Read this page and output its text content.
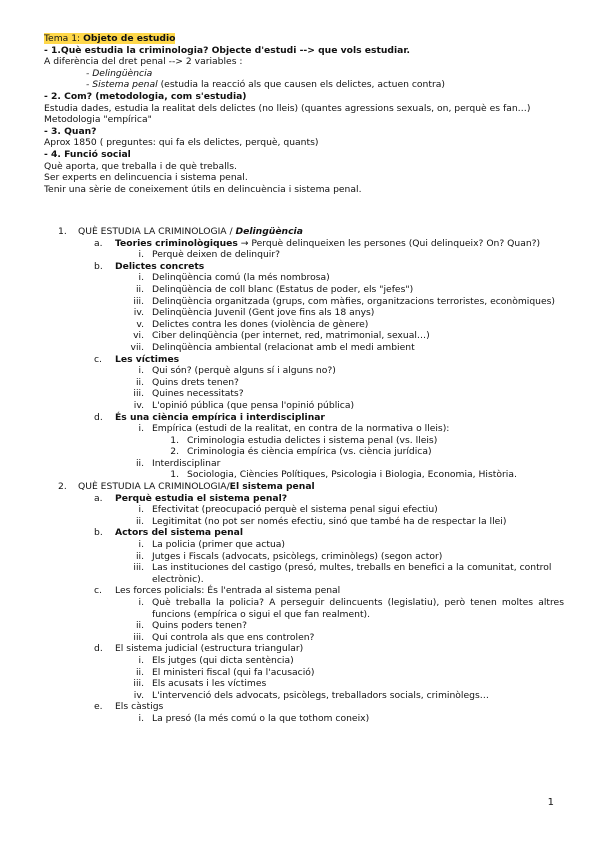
Tema 1: Objeto de estudio
- 1.Què estudia la criminologia? Objecte d'estudi --> que vols estudiar.
A diferència del dret penal --> 2 variables :
- Delingüència
- Sistema penal (estudia la reacció als que causen els delictes, actuen contra)
- 2. Com? (metodologia, com s'estudia)
Estudia dades, estudia la realitat dels delictes (no lleis) (quantes agressions sexuals, on, perquè es fan…)
Metodologia "empírica"
- 3. Quan?
Aprox 1850 ( preguntes: qui fa els delictes, perquè, quants)
- 4. Funció social
Què aporta, que treballa i de què treballs.
Ser experts en delincuencia i sistema penal.
Tenir una sèrie de coneixement útils en delincuència i sistema penal.
1. QUÈ ESTUDIA LA CRIMINOLOGIA / Delingüència
a. Teories criminològiques → Perquè delinqueixen les persones (Qui delinqueix? On? Quan?)
i. Perquè deixen de delinquir?
b. Delictes concrets
i. Delinqüència comú (la més nombrosa)
ii. Delinqüència de coll blanc (Estatus de poder, els "jefes")
iii. Delinqüència organitzada (grups, com màfies, organitzacions terroristes, econòmiques)
iv. Delinqüència Juvenil (Gent jove fins als 18 anys)
v. Delictes contra les dones (violència de gènere)
vi. Ciber delinqüència (per internet, red, matrimonial, sexual…)
vii. Delinqüència ambiental (relacionat amb el medi ambient
c. Les víctimes
i. Qui són? (perquè alguns sí i alguns no?)
ii. Quins drets tenen?
iii. Quines necessitats?
iv. L'opinió pública (que pensa l'opinió pública)
d. És una ciència empírica i interdisciplinar
i. Empírica (estudi de la realitat, en contra de la normativa o lleis):
1. Criminologia estudia delictes i sistema penal (vs. lleis)
2. Criminologia és ciència empírica (vs. ciència jurídica)
ii. Interdisciplinar
1. Sociologia, Ciències Polítiques, Psicologia i Biologia, Economia, Història.
2. QUÈ ESTUDIA LA CRIMINOLOGIA/El sistema penal
a. Perquè estudia el sistema penal?
i. Efectivitat (preocupació perquè el sistema penal sigui efectiu)
ii. Legitimitat (no pot ser només efectiu, sinó que també ha de respectar la llei)
b. Actors del sistema penal
i. La policia (primer que actua)
ii. Jutges i Fiscals (advocats, psicòlegs, criminòlegs) (segon actor)
iii. Las instituciones del castigo (presó, multes, treballs en benefici a la comunitat, control electrònic).
c. Les forces policials: És l'entrada al sistema penal
i. Què treballa la policia? A perseguir delincuents (legislatiu), però tenen moltes altres funcions (empírica o sigui el que fan realment).
ii. Quins poders tenen?
iii. Qui controla als que ens controlen?
d. El sistema judicial (estructura triangular)
i. Els jutges (qui dicta sentència)
ii. El ministeri fiscal (qui fa l'acusació)
iii. Els acusats i les víctimes
iv. L'intervenció dels advocats, psicòlegs, treballadors socials, criminòlegs…
e. Els càstigs
i. La presó (la més comú o la que tothom coneix)
1
